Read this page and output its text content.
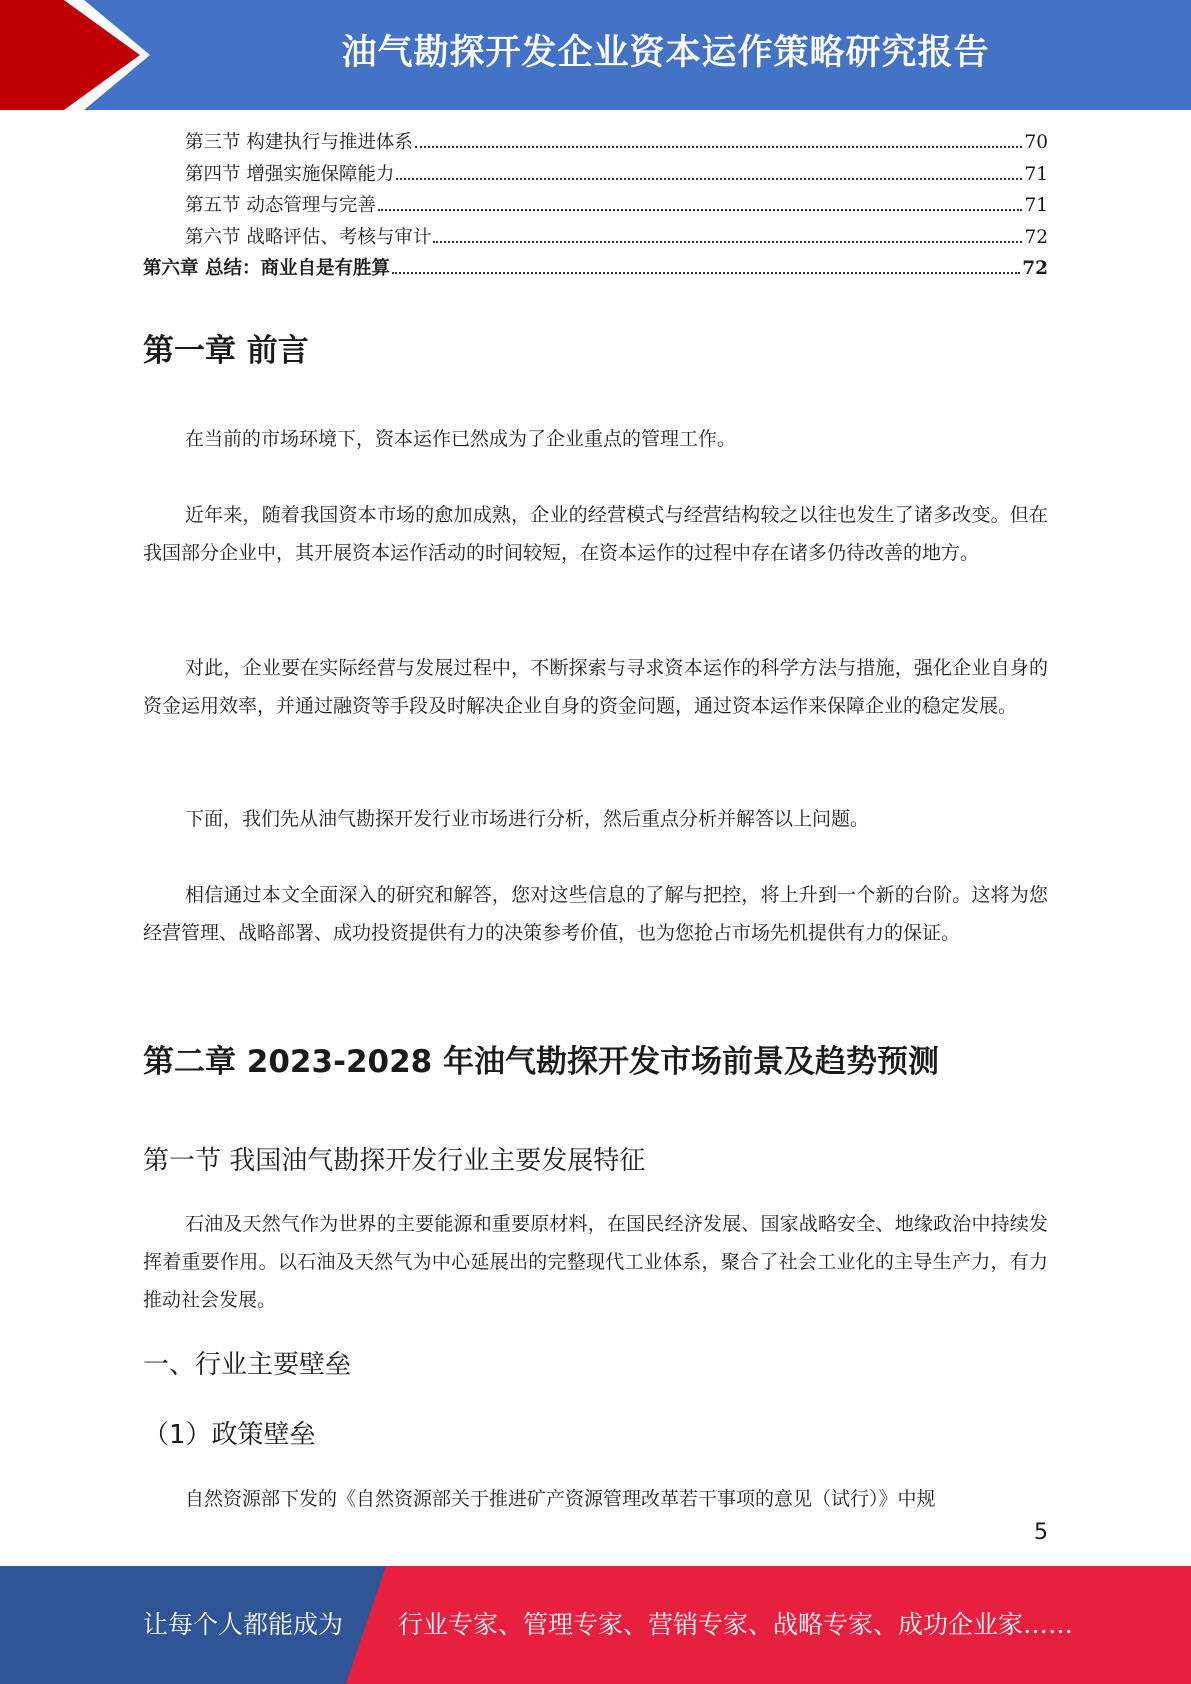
油气勘探开发企业资本运作策略研究报告
第三节 构建执行与推进体系	70
第四节 增强实施保障能力	71
第五节 动态管理与完善	71
第六节 战略评估、考核与审计	72
第六章 总结：商业自是有胜算	72
第一章 前言
在当前的市场环境下，资本运作已然成为了企业重点的管理工作。
近年来，随着我国资本市场的愈加成熟，企业的经营模式与经营结构较之以往也发生了诸多改变。但在我国部分企业中，其开展资本运作活动的时间较短，在资本运作的过程中存在诸多仍待改善的地方。
对此，企业要在实际经营与发展过程中，不断探索与寻求资本运作的科学方法与措施，强化企业自身的资金运用效率，并通过融资等手段及时解决企业自身的资金问题，通过资本运作来保障企业的稳定发展。
下面，我们先从油气勘探开发行业市场进行分析，然后重点分析并解答以上问题。
相信通过本文全面深入的研究和解答，您对这些信息的了解与把控，将上升到一个新的台阶。这将为您经营管理、战略部署、成功投资提供有力的决策参考价值，也为您抢占市场先机提供有力的保证。
第二章 2023-2028 年油气勘探开发市场前景及趋势预测
第一节 我国油气勘探开发行业主要发展特征
石油及天然气作为世界的主要能源和重要原材料，在国民经济发展、国家战略安全、地缘政治中持续发挥着重要作用。以石油及天然气为中心延展出的完整现代工业体系，聚合了社会工业化的主导生产力，有力推动社会发展。
一、行业主要壁垒
（1）政策壁垒
自然资源部下发的《自然资源部关于推进矿产资源管理改革若干事项的意见（试行）》中规
5
让每个人都能成为 行业专家、管理专家、营销专家、战略专家、成功企业家……
